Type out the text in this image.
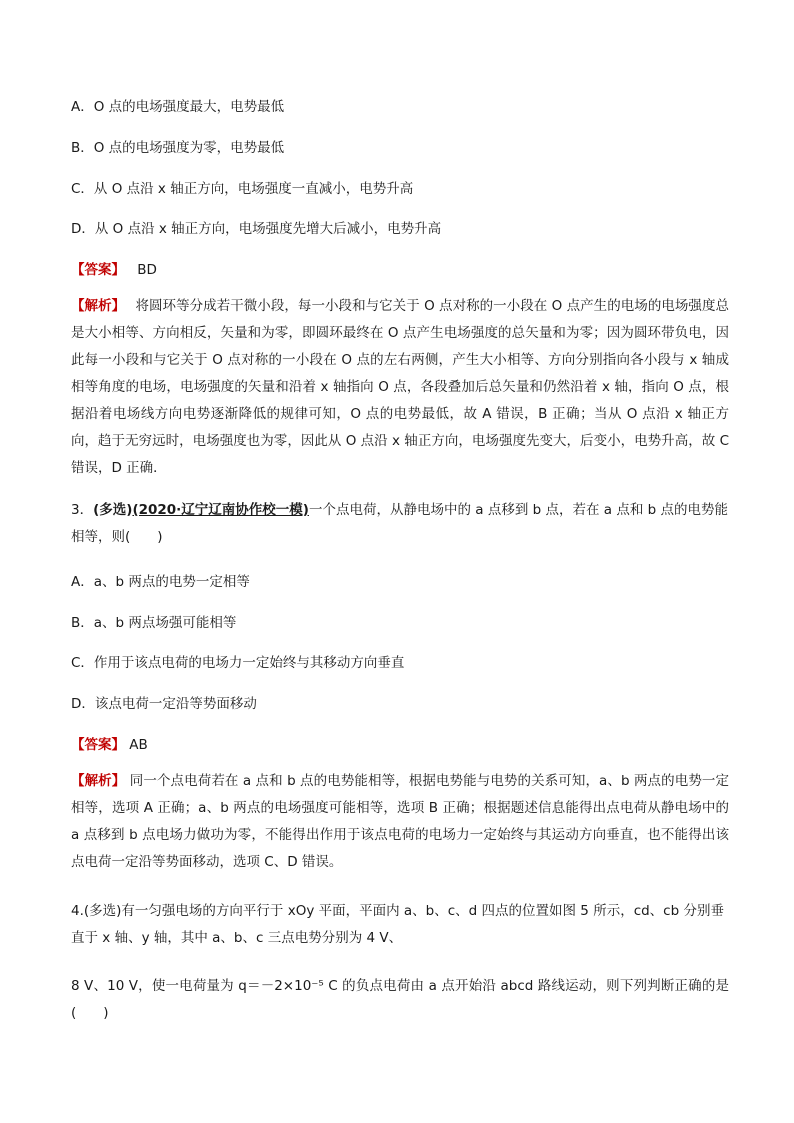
A．O 点的电场强度最大，电势最低
B．O 点的电场强度为零，电势最低
C．从 O 点沿 x 轴正方向，电场强度一直减小，电势升高
D．从 O 点沿 x 轴正方向，电场强度先增大后减小，电势升高
【答案】 BD
【解析】 将圆环等分成若干微小段，每一小段和与它关于 O 点对称的一小段在 O 点产生的电场的电场强度总是大小相等、方向相反，矢量和为零，即圆环最终在 O 点产生电场强度的总矢量和为零；因为圆环带负电，因此每一小段和与它关于 O 点对称的一小段在 O 点的左右两侧，产生大小相等、方向分别指向各小段与 x 轴成相等角度的电场，电场强度的矢量和沿着 x 轴指向 O 点，各段叠加后总矢量和仍然沿着 x 轴，指向 O 点，根据沿着电场线方向电势逐渐降低的规律可知，O 点的电势最低，故 A 错误，B 正确；当从 O 点沿 x 轴正方向，趋于无穷远时，电场强度也为零，因此从 O 点沿 x 轴正方向，电场强度先变大，后变小，电势升高，故 C 错误，D 正确．
3．(多选)(2020·辽宁辽南协作校一模)一个点电荷，从静电场中的 a 点移到 b 点，若在 a 点和 b 点的电势能
相等，则(　　)
A．a、b 两点的电势一定相等
B．a、b 两点场强可能相等
C．作用于该点电荷的电场力一定始终与其移动方向垂直
D．该点电荷一定沿等势面移动
【答案】 AB
【解析】 同一个点电荷若在 a 点和 b 点的电势能相等，根据电势能与电势的关系可知，a、b 两点的电势一定相等，选项 A 正确；a、b 两点的电场强度可能相等，选项 B 正确；根据题述信息能得出点电荷从静电场中的 a 点移到 b 点电场力做功为零，不能得出作用于该点电荷的电场力一定始终与其运动方向垂直，也不能得出该点电荷一定沿等势面移动，选项 C、D 错误。
4.(多选)有一匀强电场的方向平行于 xOy 平面，平面内 a、b、c、d 四点的位置如图 5 所示，cd、cb 分别垂
直于 x 轴、y 轴，其中 a、b、c 三点电势分别为 4 V、
8 V、10 V，使一电荷量为 q＝－2×10⁻⁵ C 的负点电荷由 a 点开始沿 abcd 路线运动，则下列判断正确的是(　　)
